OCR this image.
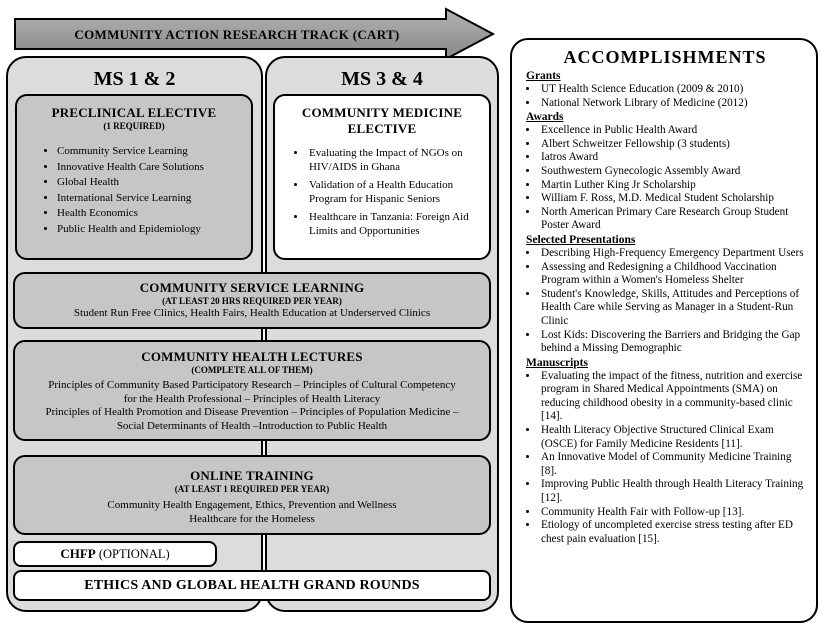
COMMUNITY ACTION RESEARCH TRACK (CART)
MS 1 & 2	MS 3 & 4
PRECLINICAL ELECTIVE
(1 REQUIRED)
• Community Service Learning
• Innovative Health Care Solutions
• Global Health
• International Service Learning
• Health Economics
• Public Health and Epidemiology
COMMUNITY MEDICINE ELECTIVE
• Evaluating the Impact of NGOs on HIV/AIDS in Ghana
• Validation of a Health Education Program for Hispanic Seniors
• Healthcare in Tanzania: Foreign Aid Limits and Opportunities
COMMUNITY SERVICE LEARNING
(AT LEAST 20 HRS REQUIRED PER YEAR)
Student Run Free Clinics, Health Fairs, Health Education at Underserved Clinics
COMMUNITY HEALTH LECTURES
(COMPLETE ALL OF THEM)
Principles of Community Based Participatory Research – Principles of Cultural Competency
for the Health Professional – Principles of Health Literacy
Principles of Health Promotion and Disease Prevention – Principles of Population Medicine –
Social Determinants of Health –Introduction to Public Health
ONLINE TRAINING
(AT LEAST 1 REQUIRED PER YEAR)
Community Health Engagement, Ethics, Prevention and Wellness
Healthcare for the Homeless
CHFP (OPTIONAL)
ETHICS AND GLOBAL HEALTH GRAND ROUNDS
ACCOMPLISHMENTS
Grants
• UT Health Science Education (2009 & 2010)
• National Network Library of Medicine (2012)
Awards
• Excellence in Public Health Award
• Albert Schweitzer Fellowship (3 students)
• Iatros Award
• Southwestern Gynecologic Assembly Award
• Martin Luther King Jr Scholarship
• William F. Ross, M.D. Medical Student Scholarship
• North American Primary Care Research Group Student Poster Award
Selected Presentations
• Describing High-Frequency Emergency Department Users
• Assessing and Redesigning a Childhood Vaccination Program within a Women's Homeless Shelter
• Student's Knowledge, Skills, Attitudes and Perceptions of Health Care while Serving as Manager in a Student-Run Clinic
• Lost Kids: Discovering the Barriers and Bridging the Gap behind a Missing Demographic
Manuscripts
• Evaluating the impact of the fitness, nutrition and exercise program in Shared Medical Appointments (SMA) on reducing childhood obesity in a community-based clinic [14].
• Health Literacy Objective Structured Clinical Exam (OSCE) for Family Medicine Residents [11].
• An Innovative Model of Community Medicine Training [8].
• Improving Public Health through Health Literacy Training [12].
• Community Health Fair with Follow-up [13].
• Etiology of uncompleted exercise stress testing after ED chest pain evaluation [15].
